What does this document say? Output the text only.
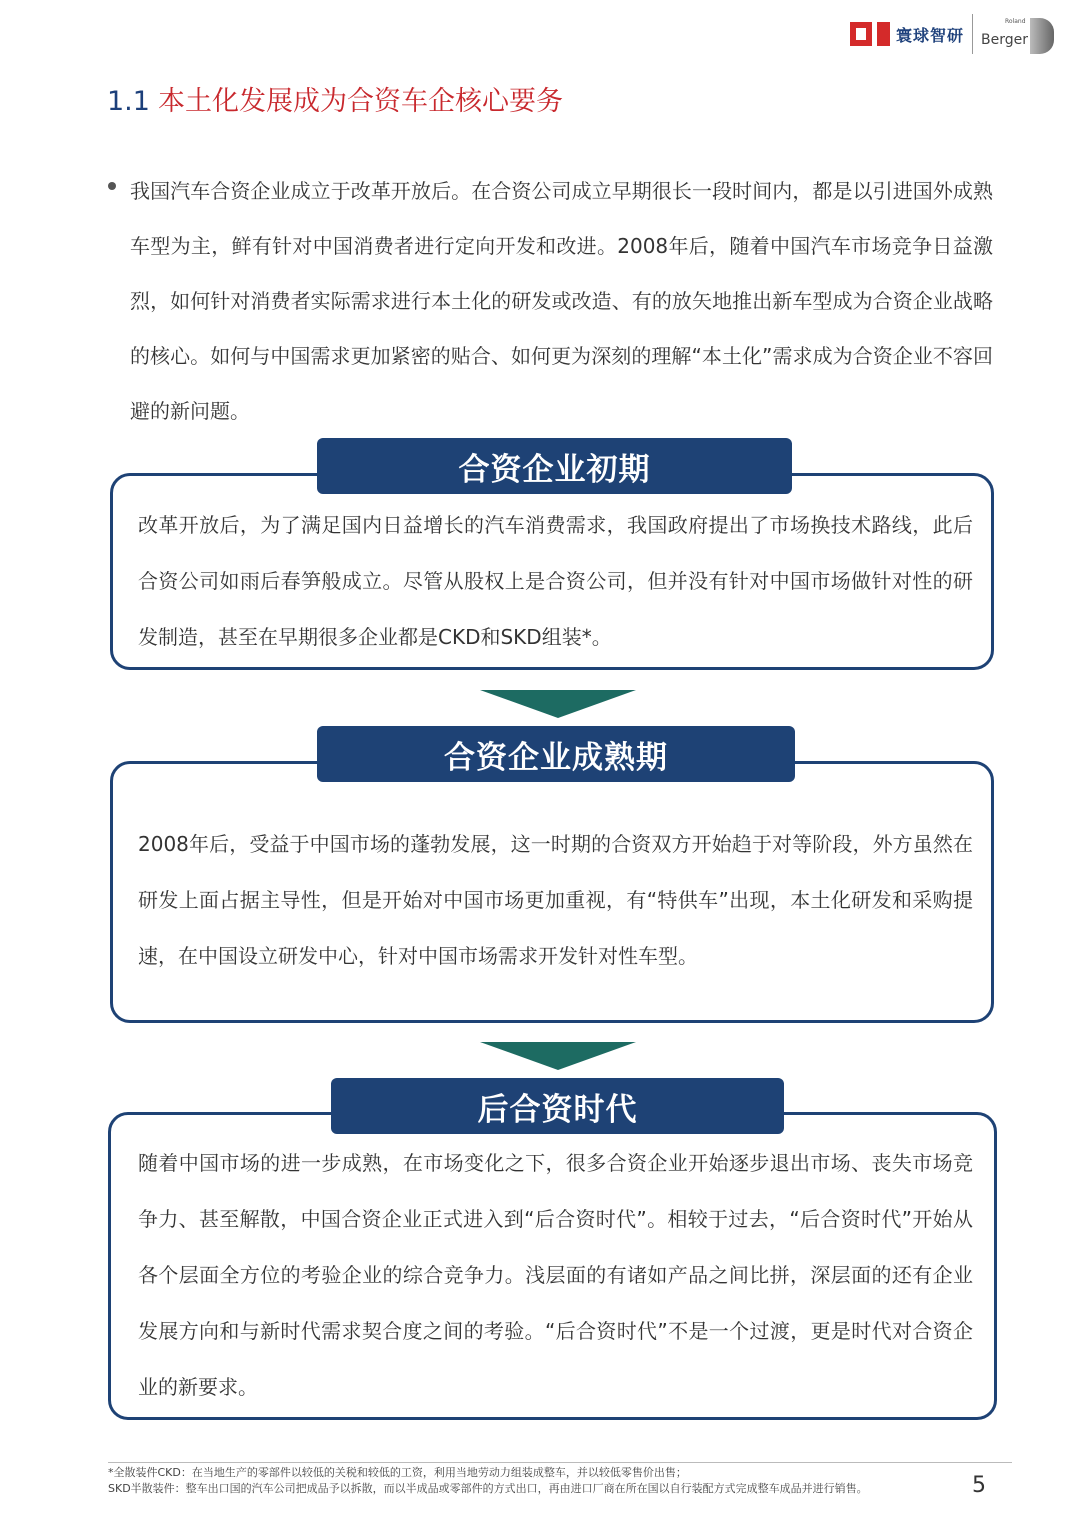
寰球智研
Roland
Berger
1.1 本土化发展成为合资车企核心要务
我国汽车合资企业成立于改革开放后。在合资公司成立早期很长一段时间内，都是以引进国外成熟车型为主，鲜有针对中国消费者进行定向开发和改进。2008年后，随着中国汽车市场竞争日益激烈，如何针对消费者实际需求进行本土化的研发或改造、有的放矢地推出新车型成为合资企业战略的核心。如何与中国需求更加紧密的贴合、如何更为深刻的理解“本土化”需求成为合资企业不容回避的新问题。
改革开放后，为了满足国内日益增长的汽车消费需求，我国政府提出了市场换技术路线，此后合资公司如雨后春笋般成立。尽管从股权上是合资公司，但并没有针对中国市场做针对性的研发制造，甚至在早期很多企业都是CKD和SKD组装*。
合资企业初期
2008年后，受益于中国市场的蓬勃发展，这一时期的合资双方开始趋于对等阶段，外方虽然在研发上面占据主导性，但是开始对中国市场更加重视，有“特供车”出现，本土化研发和采购提速，在中国设立研发中心，针对中国市场需求开发针对性车型。
合资企业成熟期
随着中国市场的进一步成熟，在市场变化之下，很多合资企业开始逐步退出市场、丧失市场竞争力、甚至解散，中国合资企业正式进入到“后合资时代”。相较于过去，“后合资时代”开始从各个层面全方位的考验企业的综合竞争力。浅层面的有诸如产品之间比拼，深层面的还有企业发展方向和与新时代需求契合度之间的考验。“后合资时代”不是一个过渡，更是时代对合资企业的新要求。
后合资时代
*全散装件CKD：在当地生产的零部件以较低的关税和较低的工资，利用当地劳动力组装成整车，并以较低零售价出售；
SKD半散装件：整车出口国的汽车公司把成品予以拆散，而以半成品或零部件的方式出口，再由进口厂商在所在国以自行装配方式完成整车成品并进行销售。	5
